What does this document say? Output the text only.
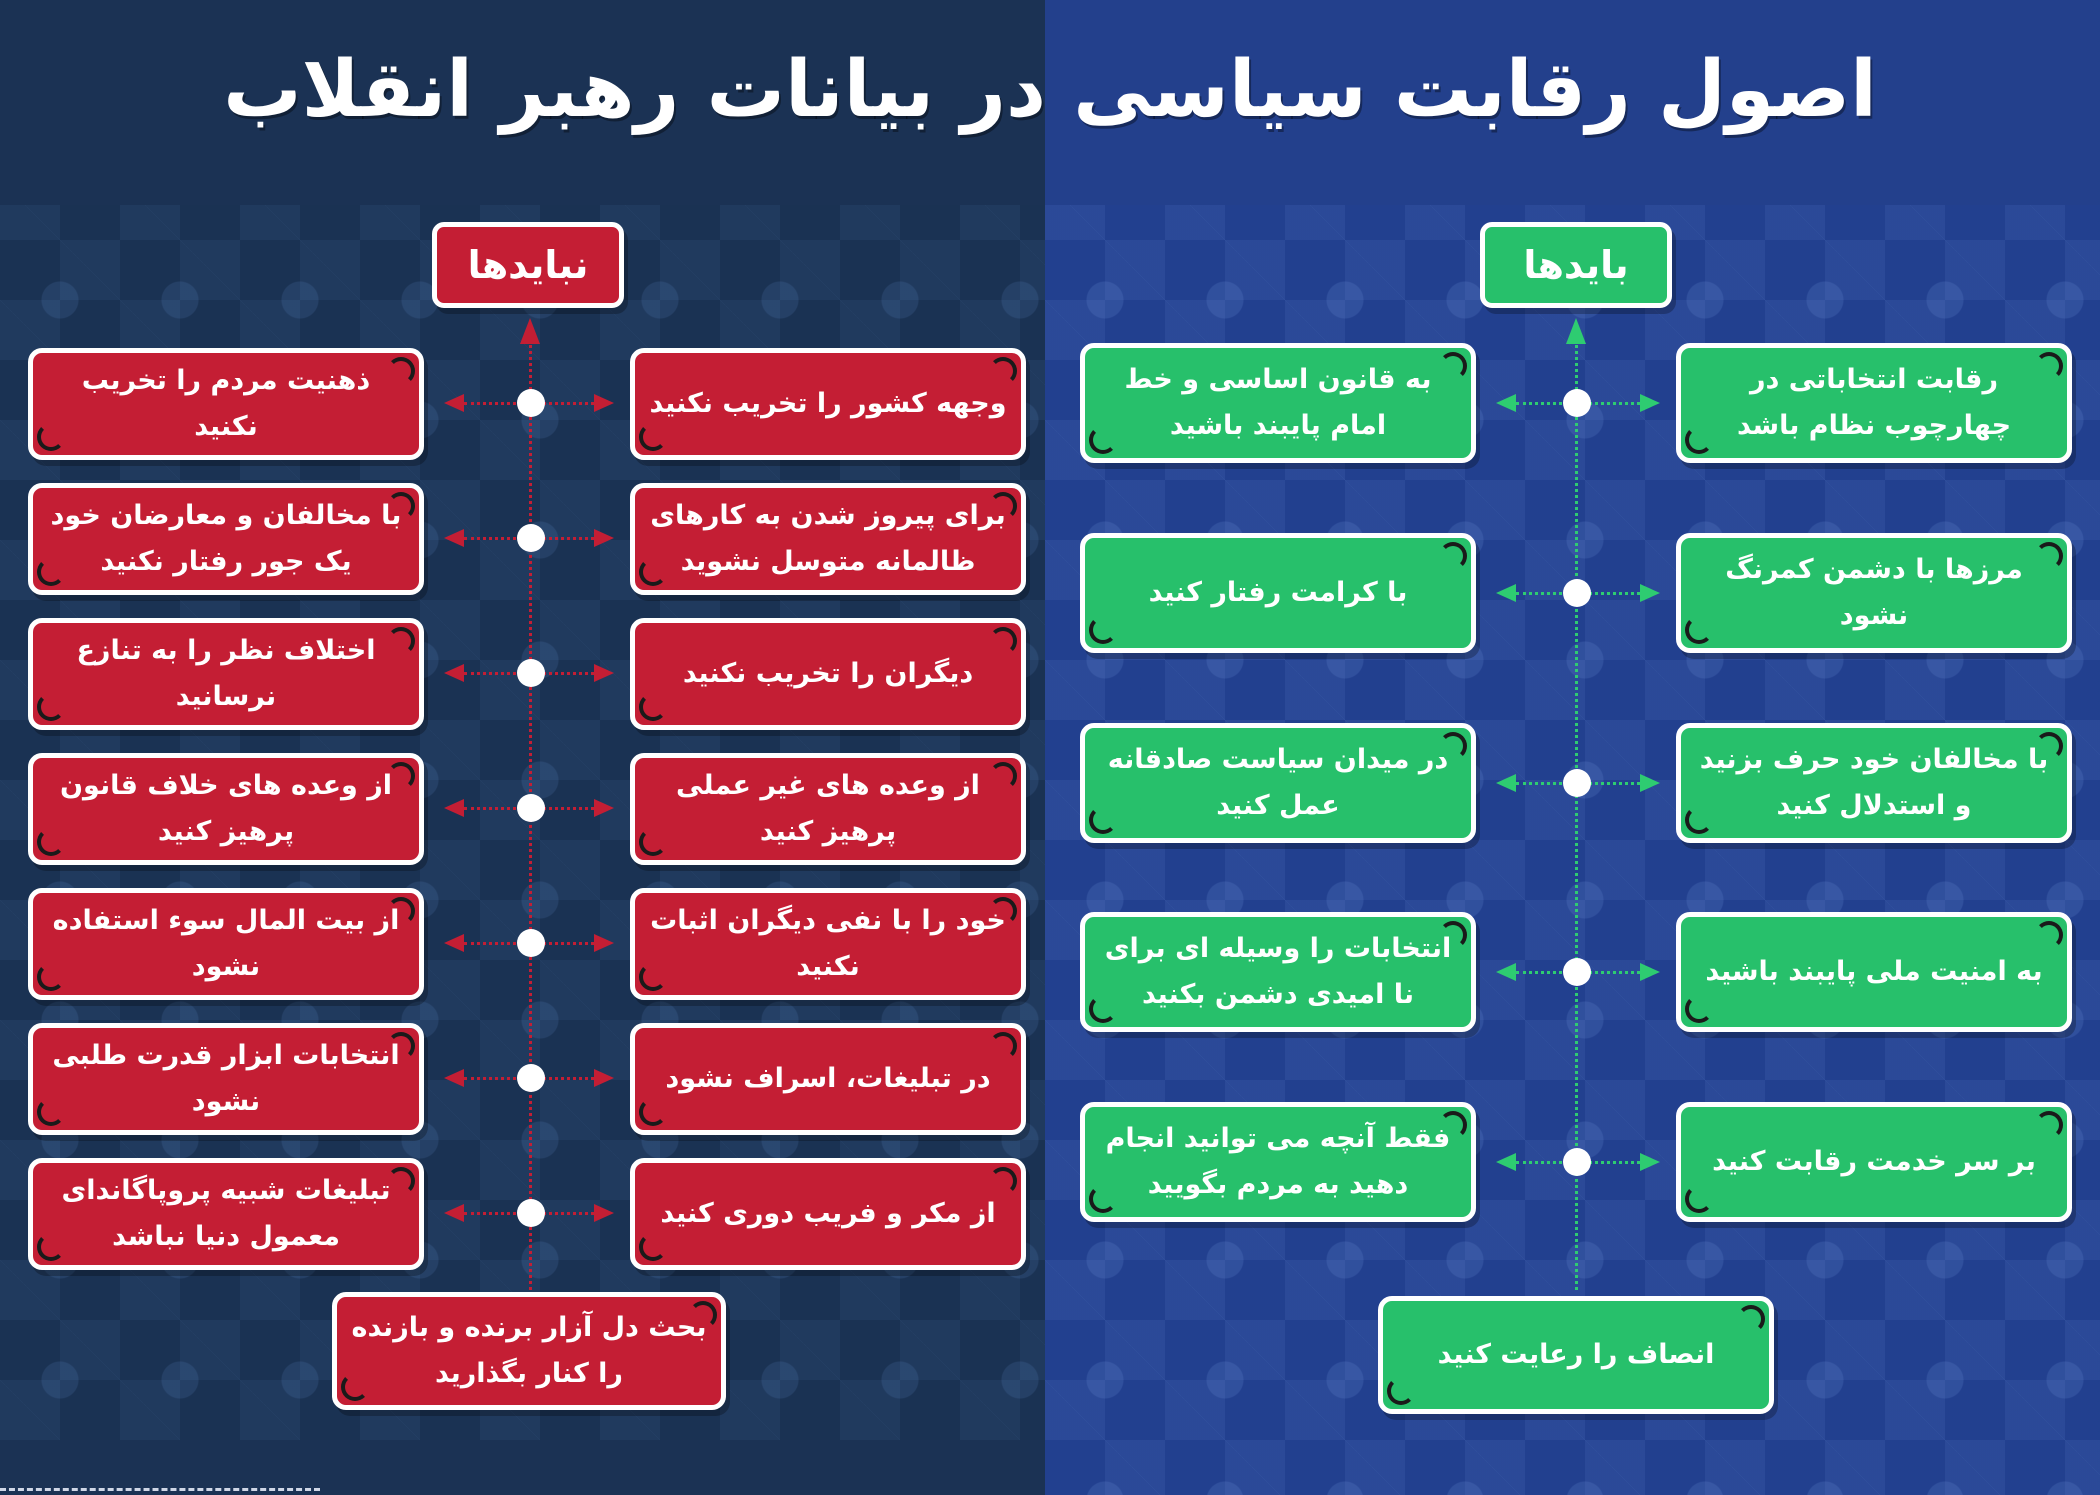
اصول رقابت سیاسی در بیانات رهبر انقلاب
نبایدها
ذهنیت مردم را تخریب نکنید
با مخالفان و معارضان خود یک جور رفتار نکنید
اختلاف نظر را به تنازع نرسانید
از وعده های خلاف قانون پرهیز کنید
از بیت المال سوء استفاده نشود
انتخابات ابزار قدرت طلبی نشود
تبلیغات شبیه پروپاگاندای معمول دنیا نباشد
وجهه کشور را تخریب نکنید
برای پیروز شدن به کارهای ظالمانه متوسل نشوید
دیگران را تخریب نکنید
از وعده های غیر عملی پرهیز کنید
خود را با نفی دیگران اثبات نکنید
در تبلیغات، اسراف نشود
از مکر و فریب دوری کنید
بحث دل آزار برنده و بازنده را کنار بگذارید
بایدها
به قانون اساسی و خط امام پایبند باشید
با کرامت رفتار کنید
در میدان سیاست صادقانه عمل کنید
انتخابات را وسیله ای برای نا امیدی دشمن بکنید
فقط آنچه می توانید انجام دهید به مردم بگویید
رقابت انتخاباتی در چهارچوب نظام باشد
مرزها با دشمن کمرنگ نشود
با مخالفان خود حرف بزنید و استدلال کنید
به امنیت ملی پایبند باشید
بر سر خدمت رقابت کنید
انصاف را رعایت کنید
